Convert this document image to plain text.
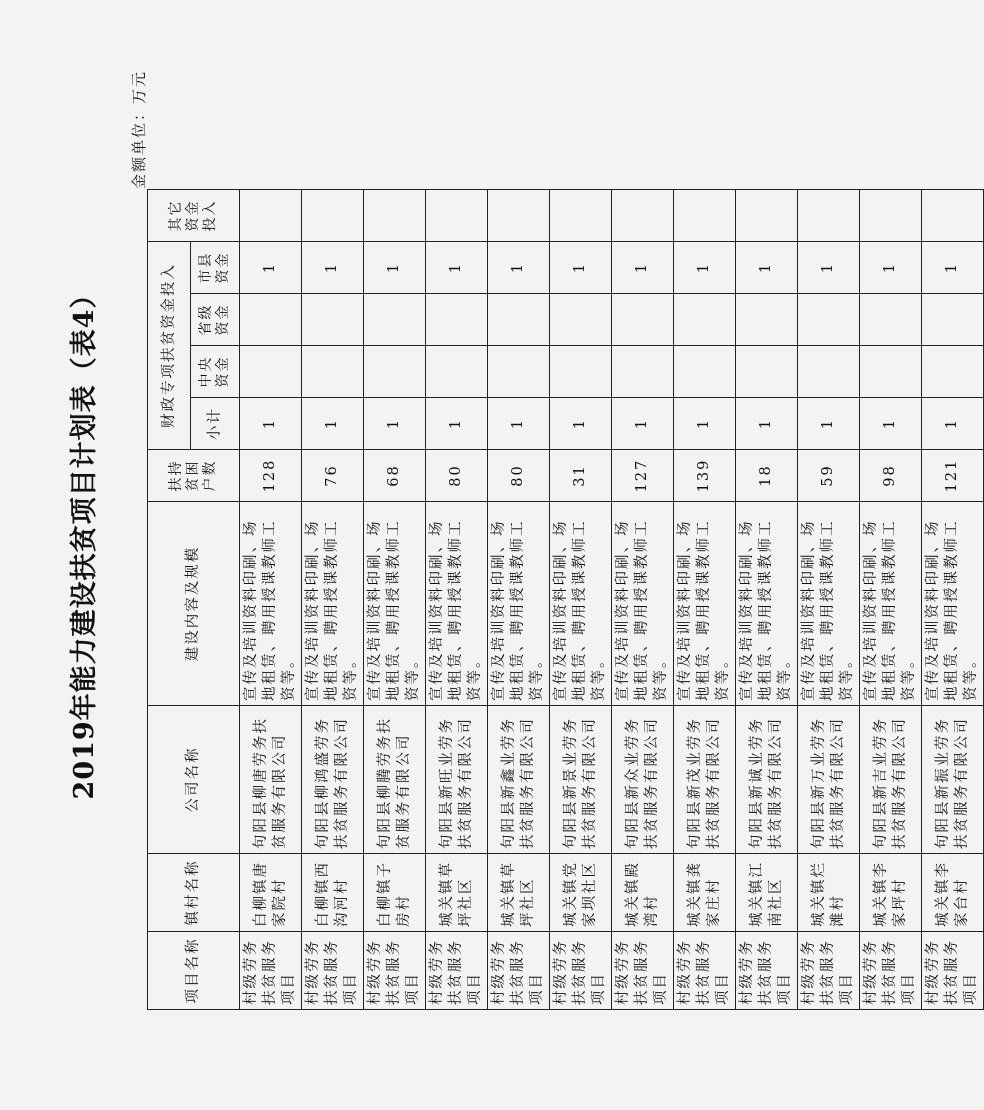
2019年能力建设扶贫项目计划表（表4）
金额单位：万元
项目名称	镇村名称	公司名称	建设内容及规模	扶持贫困户数	财政专项扶贫资金投入				其它资金投入
					小计	中央资金	省级资金	市县资金	
村级劳务扶贫服务项目	白柳镇唐家院村	句阳县柳唐劳务扶贫服务有限公司	宣传及培训资料印刷、场地租赁、聘用授课教师工资等。	128	1			1	
村级劳务扶贫服务项目	白柳镇西沟河村	句阳县柳鸿盛劳务扶贫服务有限公司	宣传及培训资料印刷、场地租赁、聘用授课教师工资等。	76	1			1	
村级劳务扶贫服务项目	白柳镇子房村	句阳县柳腾劳务扶贫服务有限公司	宣传及培训资料印刷、场地租赁、聘用授课教师工资等。	68	1			1	
村级劳务扶贫服务项目	城关镇草坪社区	句阳县新旺业劳务扶贫服务有限公司	宣传及培训资料印刷、场地租赁、聘用授课教师工资等。	80	1			1	
村级劳务扶贫服务项目	城关镇草坪社区	句阳县新鑫业劳务扶贫服务有限公司	宣传及培训资料印刷、场地租赁、聘用授课教师工资等。	80	1			1	
村级劳务扶贫服务项目	城关镇党家坝社区	句阳县新景业劳务扶贫服务有限公司	宣传及培训资料印刷、场地租赁、聘用授课教师工资等。	31	1			1	
村级劳务扶贫服务项目	城关镇殿湾村	句阳县新众业劳务扶贫服务有限公司	宣传及培训资料印刷、场地租赁、聘用授课教师工资等。	127	1			1	
村级劳务扶贫服务项目	城关镇龚家庄村	句阳县新茂业劳务扶贫服务有限公司	宣传及培训资料印刷、场地租赁、聘用授课教师工资等。	139	1			1	
村级劳务扶贫服务项目	城关镇江南社区	句阳县新诚业劳务扶贫服务有限公司	宣传及培训资料印刷、场地租赁、聘用授课教师工资等。	18	1			1	
村级劳务扶贫服务项目	城关镇烂滩村	句阳县新万业劳务扶贫服务有限公司	宣传及培训资料印刷、场地租赁、聘用授课教师工资等。	59	1			1	
村级劳务扶贫服务项目	城关镇李家坪村	句阳县新吉业劳务扶贫服务有限公司	宣传及培训资料印刷、场地租赁、聘用授课教师工资等。	98	1			1	
村级劳务扶贫服务项目	城关镇李家台村	句阳县新振业劳务扶贫服务有限公司	宣传及培训资料印刷、场地租赁、聘用授课教师工资等。	121	1			1	
